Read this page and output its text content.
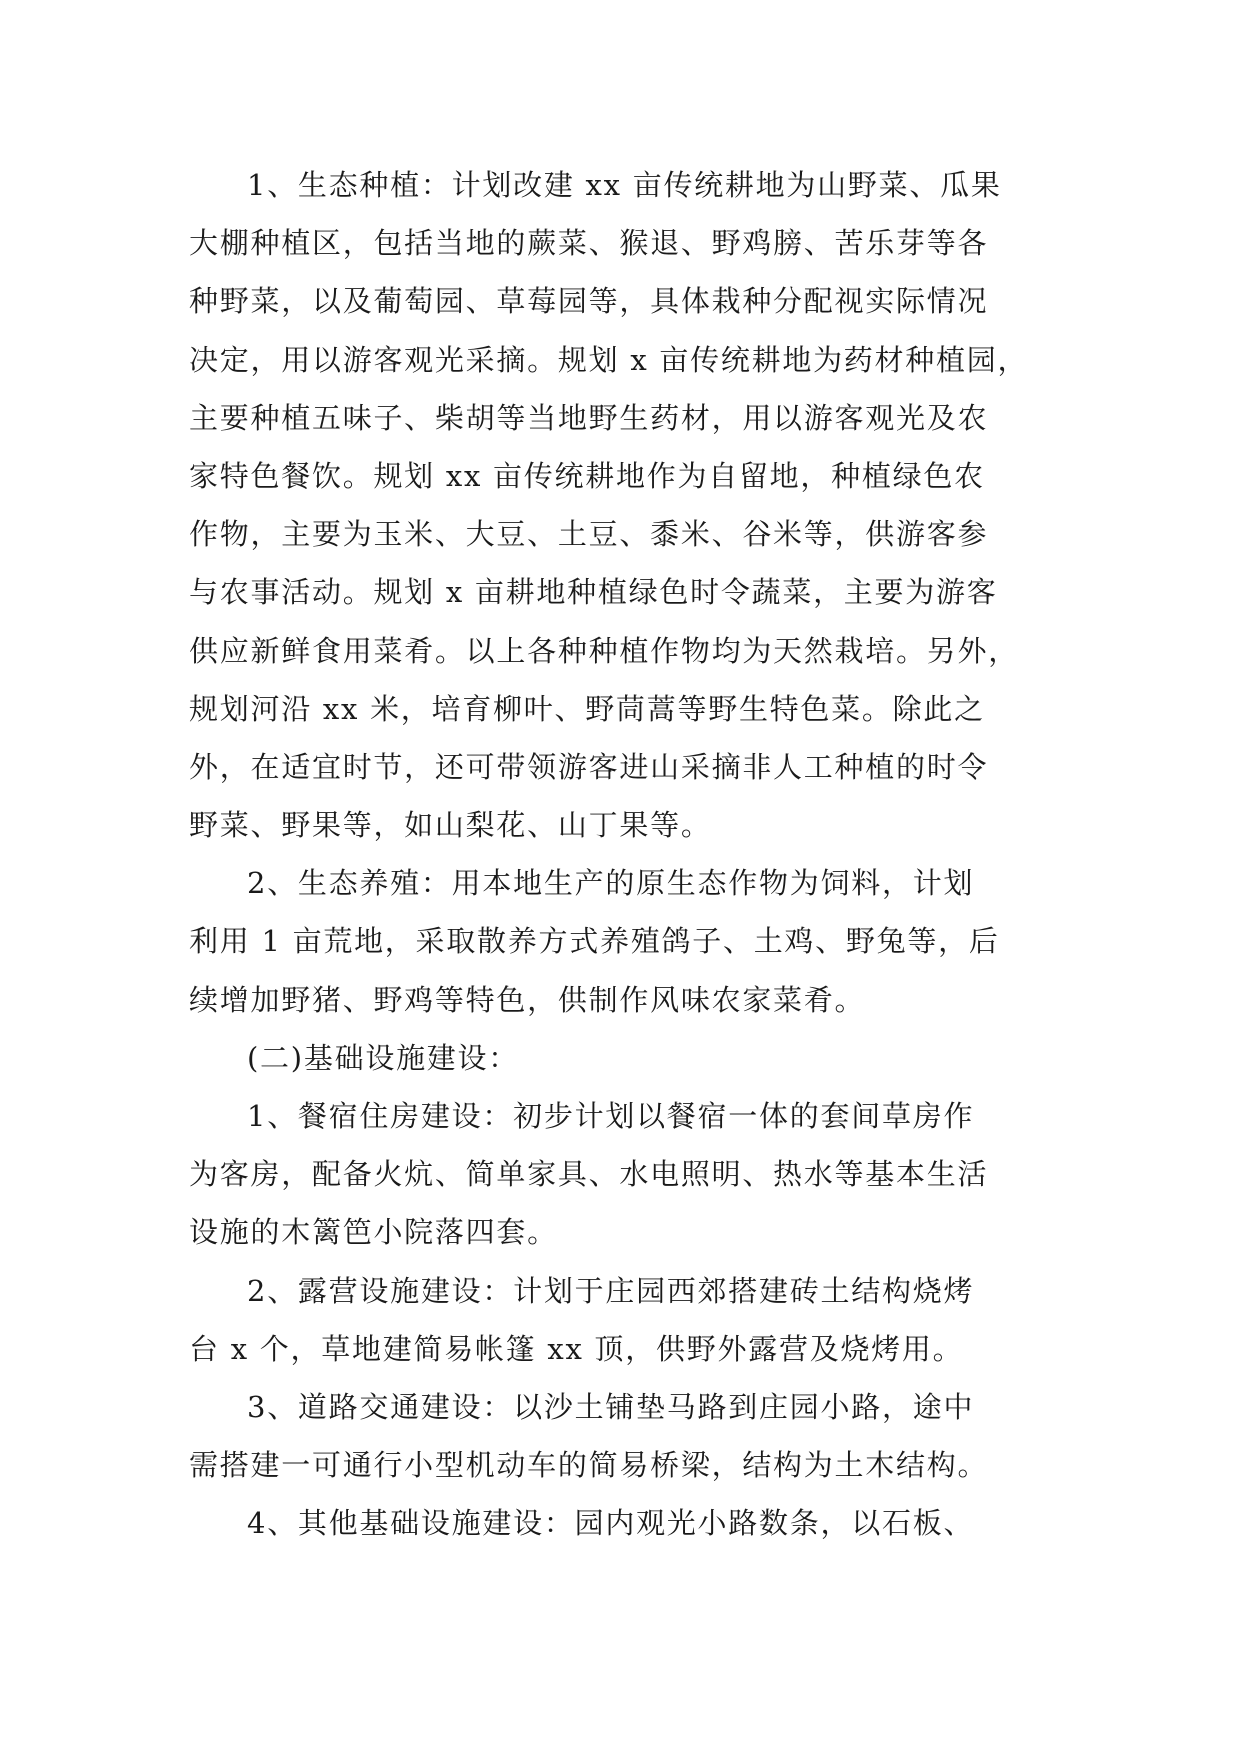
1、生态种植：计划改建 xx 亩传统耕地为山野菜、瓜果
大棚种植区，包括当地的蕨菜、猴退、野鸡膀、苦乐芽等各
种野菜，以及葡萄园、草莓园等，具体栽种分配视实际情况
决定，用以游客观光采摘。规划 x 亩传统耕地为药材种植园，
主要种植五味子、柴胡等当地野生药材，用以游客观光及农
家特色餐饮。规划 xx 亩传统耕地作为自留地，种植绿色农
作物，主要为玉米、大豆、土豆、黍米、谷米等，供游客参
与农事活动。规划 x 亩耕地种植绿色时令蔬菜，主要为游客
供应新鲜食用菜肴。以上各种种植作物均为天然栽培。另外，
规划河沿 xx 米，培育柳叶、野茼蒿等野生特色菜。除此之
外，在适宜时节，还可带领游客进山采摘非人工种植的时令
野菜、野果等，如山梨花、山丁果等。
2、生态养殖：用本地生产的原生态作物为饲料，计划
利用 1 亩荒地，采取散养方式养殖鸽子、土鸡、野兔等，后
续增加野猪、野鸡等特色，供制作风味农家菜肴。
(二)基础设施建设：
1、餐宿住房建设：初步计划以餐宿一体的套间草房作
为客房，配备火炕、简单家具、水电照明、热水等基本生活
设施的木篱笆小院落四套。
2、露营设施建设：计划于庄园西郊搭建砖土结构烧烤
台 x 个，草地建简易帐篷 xx 顶，供野外露营及烧烤用。
3、道路交通建设：以沙土铺垫马路到庄园小路，途中
需搭建一可通行小型机动车的简易桥梁，结构为土木结构。
4、其他基础设施建设：园内观光小路数条，以石板、
